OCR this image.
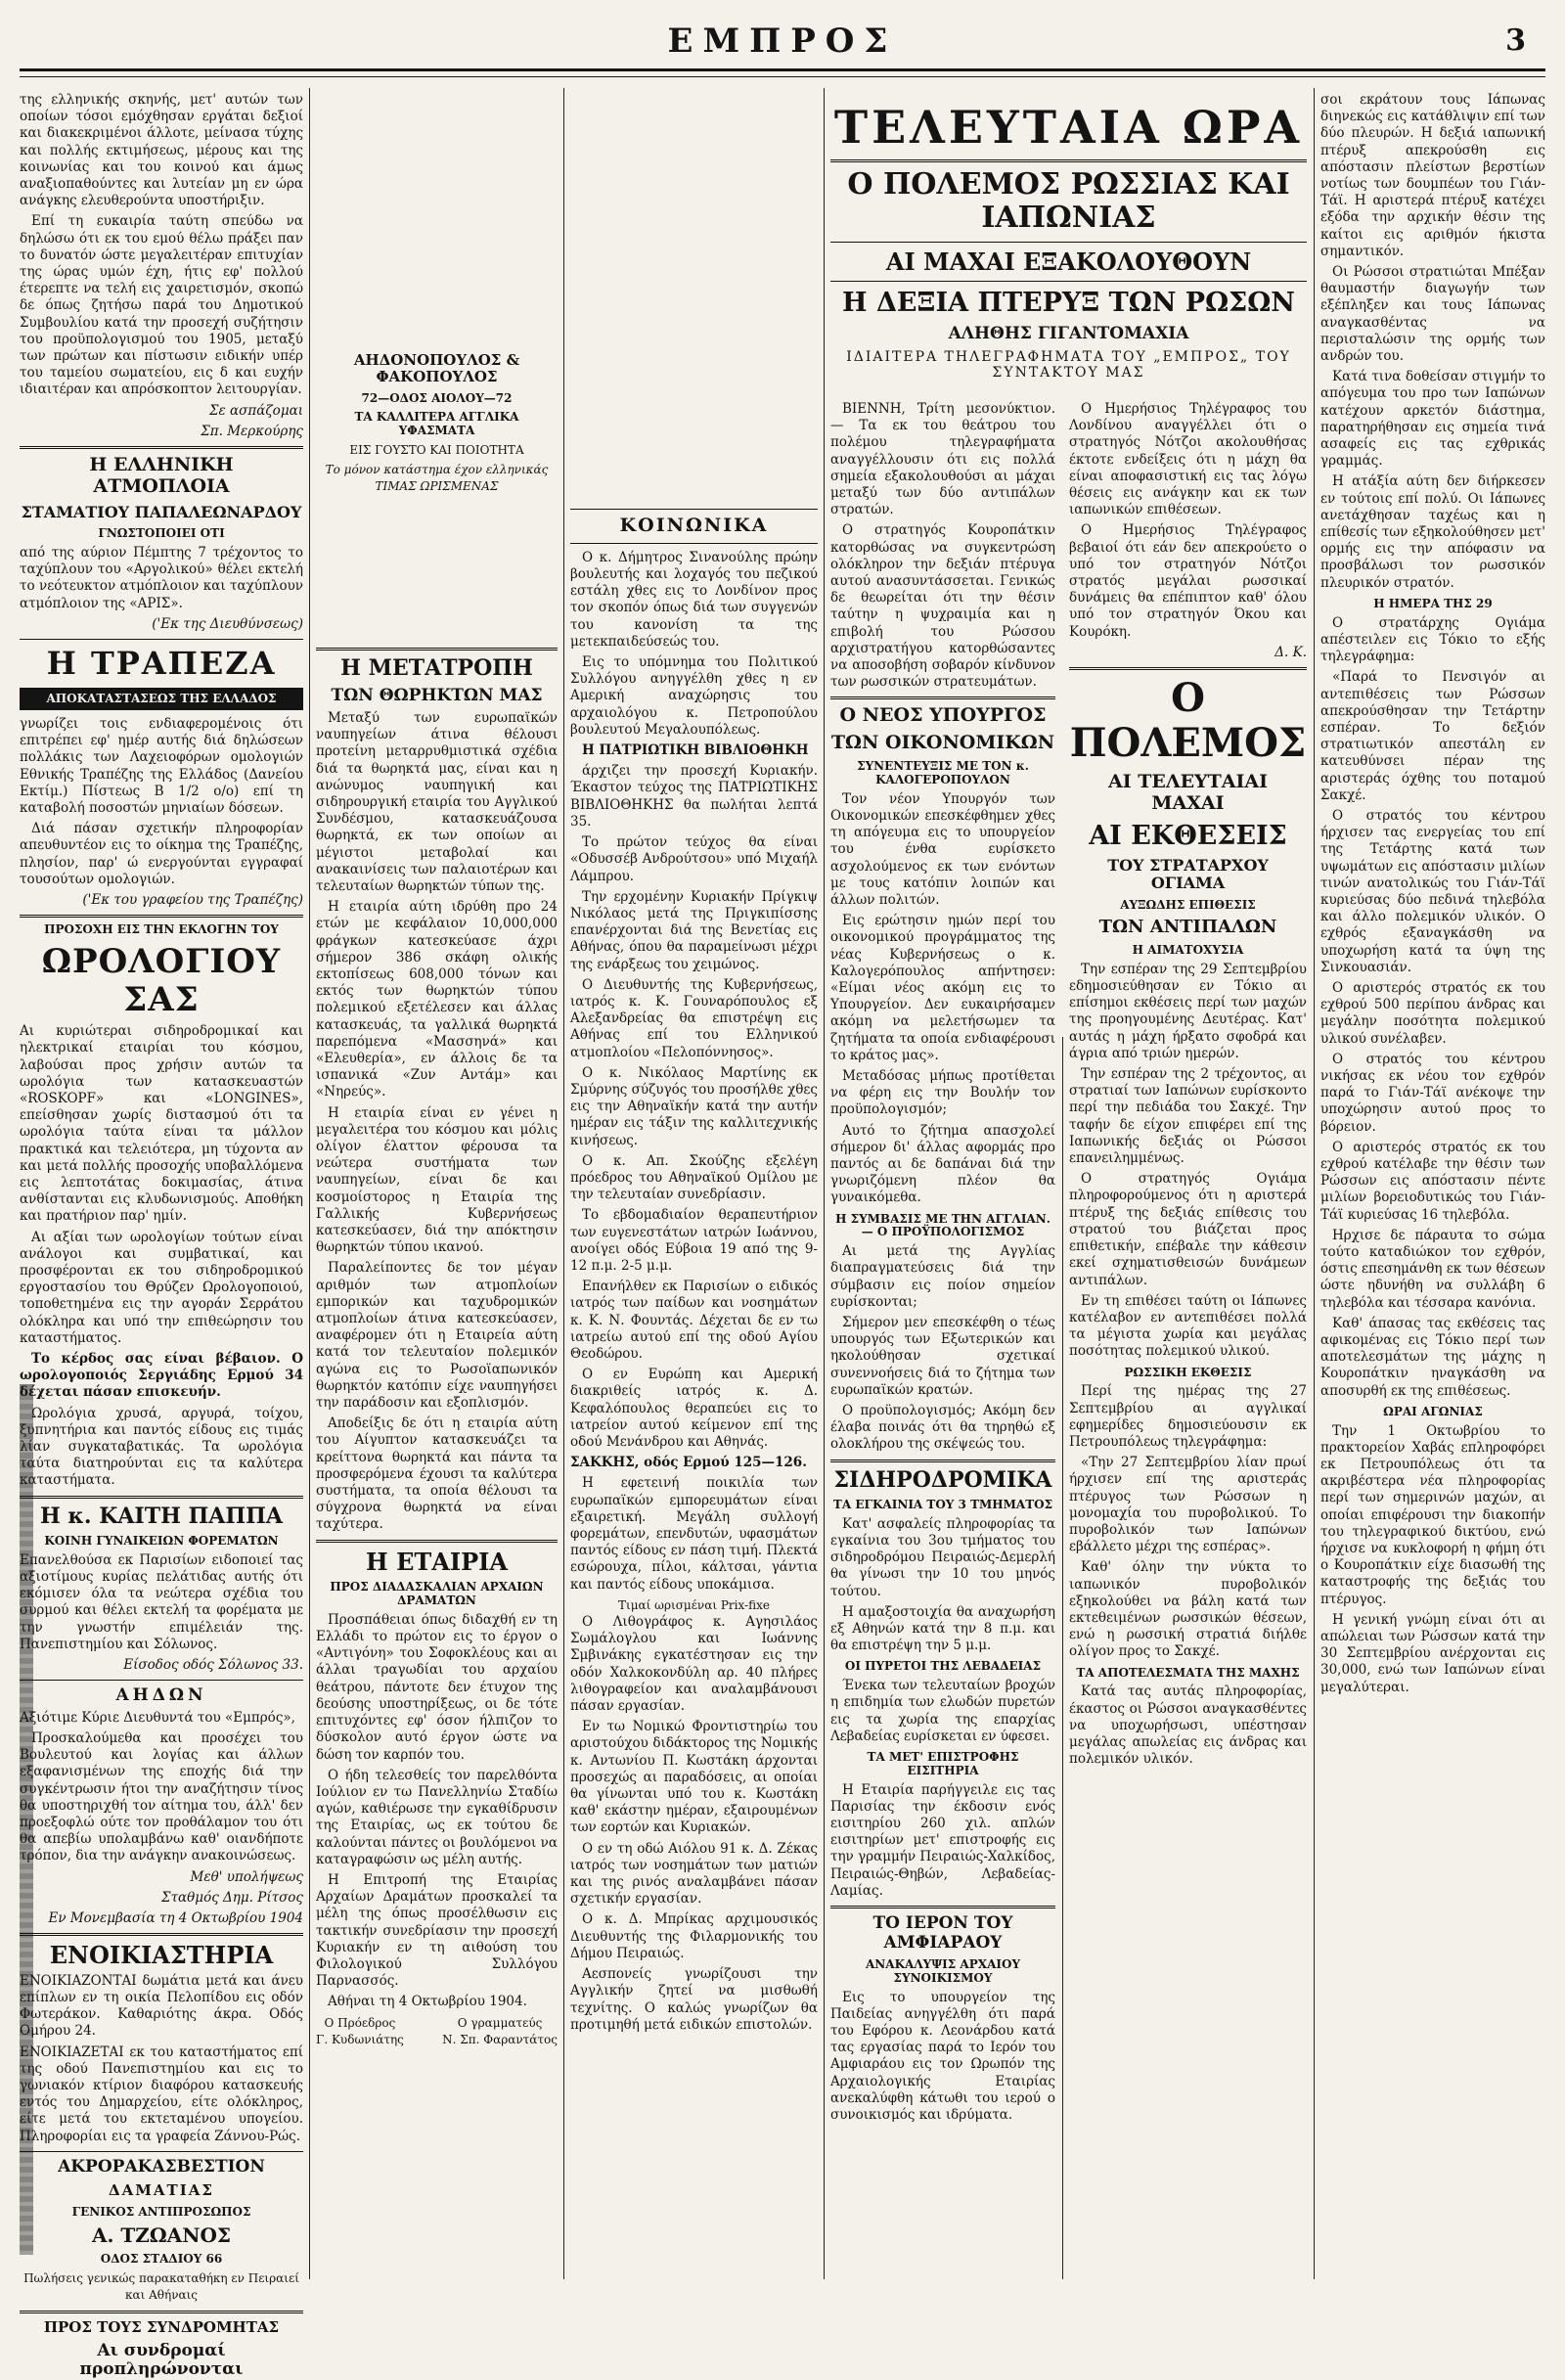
ΕΜΠΡΟΣ	3

της ελληνικής σκηνής, μετ' αυτών των οποίων τόσοι εμόχθησαν εργάται δεξιοί και διακεκριμένοι άλλοτε, μείνασα τύχης και πολλής εκτιμήσεως, μέρους και της κοινωνίας και του κοινού και άμως αναξιοπαθούντες και λυτείαν μη εν ώρα ανάγκης ελευθερούντα υποστήριξιν.

Επί τη ευκαιρία ταύτη σπεύδω να δηλώσω ότι εκ του εμού θέλω πράξει παν το δυνατόν ώστε μεγαλειτέραν επιτυχίαν της ώρας υμών έχη, ήτις εφ' πολλού έτερεπτε να τελή εις χαιρετισμόν, σκοπώ δε όπως ζητήσω παρά του Δημοτικού Συμβουλίου κατά την προσεχή συζήτησιν του προϋπολογισμού του 1905, μεταξύ των πρώτων και πίστωσιν ειδικήν υπέρ του ταμείου σωματείου, εις δ και ευχήν ιδιαιτέραν και απρόσκοπτον λειτουργίαν.

Σε ασπάζομαι
Σπ. Μερκούρης
Η ΕΛΛΗΝΙΚΗ ΑΤΜΟΠΛΟΙΑ
ΣΤΑΜΑΤΙΟΥ ΠΑΠΑΛΕΩΝΑΡΔΟΥ
ΓΝΩΣΤΟΠΟΙΕΙ ΟΤΙ

από της αύριον Πέμπτης 7 τρέχοντος το ταχύπλουν του «Αργολικού» θέλει εκτελή το νεότευκτον ατμόπλοιον και ταχύπλουν ατμόπλοιον της «ΑΡΙΣ».

('Εκ της Διευθύνσεως)
Η ΤΡΑΠΕΖΑ
ΑΠΟΚΑΤΑΣΤΑΣΕΩΣ ΤΗΣ ΕΛΛΑΔΟΣ

γνωρίζει τοις ενδιαφερομένοις ότι επιτρέπει εφ' ημέρ αυτής διά δηλώσεων πολλάκις των Λαχειοφόρων ομολογιών Εθνικής Τραπέζης της Ελλάδος (Δανείου Εκτίμ.) Πίστεως Β 1/2 ο/ο) επί τη καταβολή ποσοστών μηνιαίων δόσεων.

Διά πάσαν σχετικήν πληροφορίαν απευθυντέον εις το οίκημα της Τραπέζης, πλησίον, παρ' ώ ενεργούνται εγγραφαί τουσούτων ομολογιών.

('Εκ του γραφείου της Τραπέζης)
ΠΡΟΣΟΧΗ ΕΙΣ ΤΗΝ ΕΚΛΟΓΗΝ ΤΟΥ
ΩΡΟΛΟΓΙΟΥ ΣΑΣ

Αι κυριώτεραι σιδηροδρομικαί και ηλεκτρικαί εταιρίαι του κόσμου, λαβούσαι προς χρήσιν αυτών τα ωρολόγια των κατασκευαστών «ROSKOPF» και «LONGINES», επείσθησαν χωρίς διστασμού ότι τα ωρολόγια ταύτα είναι τα μάλλον πρακτικά και τελειότερα, μη τύχοντα αν και μετά πολλής προσοχής υποβαλλόμενα εις λεπτοτάτας δοκιμασίας, άτινα ανθίστανται εις κλυδωνισμούς. Αποθήκη και πρατήριον παρ' ημίν.

Αι αξίαι των ωρολογίων τούτων είναι ανάλογοι και συμβατικαί, και προσφέρονται εκ του σιδηροδρομικού εργοστασίου του Θρύζεν Ωρολογοποιού, τοποθετημένα εις την αγοράν Σερράτου ολόκληρα και υπό την επιθεώρησιν του καταστήματος.

Το κέρδος σας είναι βέβαιον. Ο ωρολογοποιός Σεργιάδης Ερμού 34 δέχεται πάσαν επισκευήν.

Ωρολόγια χρυσά, αργυρά, τοίχου, ξυπνητήρια και παντός είδους εις τιμάς λίαν συγκαταβατικάς. Τα ωρολόγια ταύτα διατηρούνται εις τα καλύτερα καταστήματα.

Η κ. ΚΑΙΤΗ ΠΑΠΠΑ
ΚΟΙΝΗ ΓΥΝΑΙΚΕΙΩΝ ΦΟΡΕΜΑΤΩΝ

Επανελθούσα εκ Παρισίων ειδοποιεί τας αξιοτίμους κυρίας πελάτιδας αυτής ότι εκόμισεν όλα τα νεώτερα σχέδια του συρμού και θέλει εκτελή τα φορέματα με την γνωστήν επιμέλειάν της. Πανεπιστημίου και Σόλωνος.

Είσοδος οδός Σόλωνος 33.
ΑΗΔΩΝ

Αξιότιμε Κύριε Διευθυντά του «Εμπρός»,

Προσκαλούμεθα και προσέχει του Βουλευτού και λογίας και άλλων εξαφανισμένων της εποχής διά την συγκέντρωσιν ήτοι την αναζήτησιν τίνος θα υποστηριχθή τον αίτημα του, άλλ' δεν προεξοφλώ ούτε τον προθάλαμον του ότι θα απεβίω υπολαμβάνω καθ' οιανδήποτε τρόπον, δια την ανάγκην ανακοινώσεως.

Μεθ' υπολήψεως
Σταθμός Δημ. Ρίτσος
Εν Μονεμβασία τη 4 Οκτωβρίου 1904
ΕΝΟΙΚΙΑΣΤΗΡΙΑ

ΕΝΟΙΚΙΑΖΟΝΤΑΙ δωμάτια μετά και άνευ επίπλων εν τη οικία Πελοπίδου εις οδόν Φωτεράκον. Καθαριότης άκρα. Οδός Ομήρου 24.

ΕΝΟΙΚΙΑΖΕΤΑΙ εκ του καταστήματος επί της οδού Πανεπιστημίου και εις το γωνιακόν κτίριον διαφόρου κατασκευής εντός του Δημαρχείου, είτε ολόκληρος, είτε μετά του εκτεταμένου υπογείου. Πληροφορίαι εις τα γραφεία Ζάννου-Ρώς.

ΑΚΡΟΡΑΚΑΣΒΕΣΤΙΟΝ
ΔΑΜΑΤΙΑΣ
ΓΕΝΙΚΟΣ ΑΝΤΙΠΡΟΣΩΠΟΣ
Α. ΤΖΩΑΝΟΣ
ΟΔΟΣ ΣΤΑΔΙΟΥ 66
Πωλήσεις γενικώς παρακαταθήκη εν Πειραιεί και Αθήναις
ΠΡΟΣ ΤΟΥΣ ΣΥΝΔΡΟΜΗΤΑΣ
Αι συνδρομαί προπληρώνονται
ΑΗΔΟΝΟΠΟΥΛΟΣ & ΦΑΚΟΠΟΥΛΟΣ
72—ΟΔΟΣ ΑΙΟΛΟΥ—72
ΤΑ ΚΑΛΛΙΤΕΡΑ ΑΓΓΛΙΚΑ ΥΦΑΣΜΑΤΑ
ΕΙΣ ΓΟΥΣΤΟ ΚΑΙ ΠΟΙΟΤΗΤΑ
Το μόνον κατάστημα έχον ελληνικάς ΤΙΜΑΣ ΩΡΙΣΜΕΝΑΣ
Η ΜΕΤΑΤΡΟΠΗ
ΤΩΝ ΘΩΡΗΚΤΩΝ ΜΑΣ

Μεταξύ των ευρωπαϊκών ναυπηγείων άτινα θέλουσι προτείνη μεταρρυθμιστικά σχέδια διά τα θωρηκτά μας, είναι και η ανώνυμος ναυπηγική και σιδηρουργική εταιρία του Αγγλικού Συνδέσμου, κατασκευάζουσα θωρηκτά, εκ των οποίων αι μέγιστοι μεταβολαί και ανακαινίσεις των παλαιοτέρων και τελευταίων θωρηκτών τύπων της.

Η εταιρία αύτη ιδρύθη προ 24 ετών με κεφάλαιον 10,000,000 φράγκων κατεσκεύασε άχρι σήμερον 386 σκάφη ολικής εκτοπίσεως 608,000 τόνων και εκτός των θωρηκτών τύπου πολεμικού εξετέλεσεν και άλλας κατασκευάς, τα γαλλικά θωρηκτά παρεπόμενα «Μασσηνά» και «Ελευθερία», εν άλλοις δε τα ισπανικά «Ζυν Αντάμ» και «Νηρεύς».

Η εταιρία είναι εν γένει η μεγαλειτέρα του κόσμου και μόλις ολίγον έλαττον φέρουσα τα νεώτερα συστήματα των ναυπηγείων, είναι δε και κοσμοίστορος η Εταιρία της Γαλλικής Κυβερνήσεως κατεσκεύασεν, διά την απόκτησιν θωρηκτών τύπου ικανού.

Παραλείποντες δε τον μέγαν αριθμόν των ατμοπλοίων εμπορικών και ταχυδρομικών ατμοπλοίων άτινα κατεσκεύασεν, αναφέρομεν ότι η Εταιρεία αύτη κατά τον τελευταίον πολεμικόν αγώνα εις το Ρωσοϊαπωνικόν θωρηκτόν κατόπιν είχε ναυπηγήσει την παράδοσιν και εξοπλισμόν.

Αποδείξις δε ότι η εταιρία αύτη του Αίγυπτον κατασκευάζει τα κρείττονα θωρηκτά και πάντα τα προσφερόμενα έχουσι τα καλύτερα συστήματα, τα οποία θέλουσι τα σύγχρονα θωρηκτά να είναι ταχύτερα.

Η ΕΤΑΙΡΙΑ
ΠΡΟΣ ΔΙΑΔΑΣΚΑΛΙΑΝ ΑΡΧΑΙΩΝ ΔΡΑΜΑΤΩΝ

Προσπάθειαι όπως διδαχθή εν τη Ελλάδι το πρώτον εις το έργον ο «Αντιγόνη» του Σοφοκλέους και αι άλλαι τραγωδίαι του αρχαίου θεάτρου, πάντοτε δεν έτυχον της δεούσης υποστηρίξεως, οι δε τότε επιτυχόντες εφ' όσον ήλπιζον το δύσκολον αυτό έργον ώστε να δώση τον καρπόν του.

Ο ήδη τελεσθείς τον παρελθόντα Ιούλιον εν τω Πανελληνίω Σταδίω αγών, καθιέρωσε την εγκαθίδρυσιν της Εταιρίας, ως εκ τούτου δε καλούνται πάντες οι βουλόμενοι να καταγραφώσιν ως μέλη αυτής.

Η Επιτροπή της Εταιρίας Αρχαίων Δραμάτων προσκαλεί τα μέλη της όπως προσέλθωσιν εις τακτικήν συνεδρίασιν την προσεχή Κυριακήν εν τη αιθούση του Φιλολογικού Συλλόγου Παρνασσός.

Αθήναι τη 4 Οκτωβρίου 1904.

Ο Πρόεδρος
Γ. Κυδωνιάτης
Ο γραμματεύς
Ν. Σπ. Φαραντάτος
ΚΟΙΝΩΝΙΚΑ

Ο κ. Δήμητρος Σινανούλης πρώην βουλευτής και λοχαγός του πεζικού εστάλη χθες εις το Λονδίνον προς τον σκοπόν όπως διά των συγγενών του κανονίση τα της μετεκπαιδεύσεώς του.

Εις το υπόμνημα του Πολιτικού Συλλόγου ανηγγέλθη χθες η εν Αμερική αναχώρησις του αρχαιολόγου κ. Πετροπούλου βουλευτού Μεγαλουπόλεως.

Η ΠΑΤΡΙΩΤΙΚΗ ΒΙΒΛΙΟΘΗΚΗ

άρχιζει την προσεχή Κυριακήν. Έκαστον τεύχος της ΠΑΤΡΙΩΤΙΚΗΣ ΒΙΒΛΙΟΘΗΚΗΣ θα πωλήται λεπτά 35.

Το πρώτον τεύχος θα είναι «Οδυσσέβ Ανδρούτσου» υπό Μιχαήλ Λάμπρου.

Την ερχομένην Κυριακήν Πρίγκιψ Νικόλαος μετά της Πριγκιπίσσης επανέρχονται διά της Βενετίας εις Αθήνας, όπου θα παραμείνωσι μέχρι της ενάρξεως του χειμώνος.

Ο Διευθυντής της Κυβερνήσεως, ιατρός κ. Κ. Γουναρόπουλος εξ Αλεξανδρείας θα επιστρέψη εις Αθήνας επί του Ελληνικού ατμοπλοίου «Πελοπόννησος».

Ο κ. Νικόλαος Μαρτίνης εκ Σμύρνης σύζυγός του προσήλθε χθες εις την Αθηναϊκήν κατά την αυτήν ημέραν εις τάξιν της καλλιτεχνικής κινήσεως.

Ο κ. Απ. Σκούζης εξελέγη πρόεδρος του Αθηναϊκού Ομίλου με την τελευταίαν συνεδρίασιν.

Το εβδομαδιαίον θεραπευτήριον των ευγενεστάτων ιατρών Ιωάννου, ανοίγει οδός Εύβοια 19 από της 9-12 π.μ. 2-5 μ.μ.

Επανήλθεν εκ Παρισίων ο ειδικός ιατρός των παίδων και νοσημάτων κ. Κ. Ν. Φουντάς. Δέχεται δε εν τω ιατρείω αυτού επί της οδού Αγίου Θεοδώρου.

Ο εν Ευρώπη και Αμερική διακριθείς ιατρός κ. Δ. Κεφαλόπουλος θεραπεύει εις το ιατρείον αυτού κείμενον επί της οδού Μενάνδρου και Αθηνάς.

ΣΑΚΚΗΣ, οδός Ερμού 125—126.

Η εφετεινή ποικιλία των ευρωπαϊκών εμπορευμάτων είναι εξαιρετική. Μεγάλη συλλογή φορεμάτων, επενδυτών, υφασμάτων παντός είδους εν πάση τιμή. Πλεκτά εσώρουχα, πίλοι, κάλτσαι, γάντια και παντός είδους υποκάμισα.

Τιμαί ωρισμέναι Prix-fixe

Ο Λιθογράφος κ. Αγησιλάος Σωμάλογλου και Ιωάννης Σμβινάκης εγκατέστησαν εις την οδόν Χαλκοκονδύλη αρ. 40 πλήρες λιθογραφείον και αναλαμβάνουσι πάσαν εργασίαν.

Εν τω Νομικώ Φροντιστηρίω του αριστούχου διδάκτορος της Νομικής κ. Αντωνίου Π. Κωστάκη άρχονται προσεχώς αι παραδόσεις, αι οποίαι θα γίνωνται υπό του κ. Κωστάκη καθ' εκάστην ημέραν, εξαιρουμένων των εορτών και Κυριακών.

Ο εν τη οδώ Αιόλου 91 κ. Δ. Ζέκας ιατρός των νοσημάτων των ματιών και της ρινός αναλαμβάνει πάσαν σχετικήν εργασίαν.

Ο κ. Δ. Μπρίκας αρχιμουσικός Διευθυντής της Φιλαρμονικής του Δήμου Πειραιώς.

Αεσπονείς γνωρίζουσι την Αγγλικήν ζητεί να μισθωθή τεχνίτης. Ο καλώς γνωρίζων θα προτιμηθή μετά ειδικών επιστολών.

ΤΕΛΕΥΤΑΙΑ ΩΡΑ
Ο ΠΟΛΕΜΟΣ ΡΩΣΣΙΑΣ ΚΑΙ ΙΑΠΩΝΙΑΣ
ΑΙ ΜΑΧΑΙ ΕΞΑΚΟΛΟΥΘΟΥΝ
Η ΔΕΞΙΑ ΠΤΕΡΥΞ ΤΩΝ ΡΩΣΩΝ
ΑΛΗΘΗΣ ΓΙΓΑΝΤΟΜΑΧΙΑ
ΙΔΙΑΙΤΕΡΑ ΤΗΛΕΓΡΑΦΗΜΑΤΑ ΤΟΥ „ΕΜΠΡΟΣ„ ΤΟΥ ΣΥΝΤΑΚΤΟΥ ΜΑΣ

ΒΙΕΝΝΗ, Τρίτη μεσονύκτιον. — Τα εκ του θεάτρου του πολέμου τηλεγραφήματα αναγγέλλουσιν ότι εις πολλά σημεία εξακολουθούσι αι μάχαι μεταξύ των δύο αντιπάλων στρατών.

Ο στρατηγός Κουροπάτκιν κατορθώσας να συγκεντρώση ολόκληρον την δεξιάν πτέρυγα αυτού ανασυντάσσεται. Γενικώς δε θεωρείται ότι την θέσιν ταύτην η ψυχραιμία και η επιβολή του Ρώσσου αρχιστρατήγου κατορθώσαντες να αποσοβήση σοβαρόν κίνδυνον των ρωσσικών στρατευμάτων.

Ο ΝΕΟΣ ΥΠΟΥΡΓΟΣ
ΤΩΝ ΟΙΚΟΝΟΜΙΚΩΝ
ΣΥΝΕΝΤΕΥΞΙΣ ΜΕ ΤΟΝ κ. ΚΑΛΟΓΕΡΟΠΟΥΛΟΝ

Τον νέον Υπουργόν των Οικονομικών επεσκέφθημεν χθες τη απόγευμα εις το υπουργείον του ένθα ευρίσκετο ασχολούμενος εκ των ενόντων με τους κατόπιν λοιπών και άλλων πολιτών.

Εις ερώτησιν ημών περί του οικονομικού προγράμματος της νέας Κυβερνήσεως ο κ. Καλογερόπουλος απήντησεν: «Είμαι νέος ακόμη εις το Υπουργείον. Δεν ευκαιρήσαμεν ακόμη να μελετήσωμεν τα ζητήματα τα οποία ενδιαφέρουσι το κράτος μας».

Μεταδόσας μήπως προτίθεται να φέρη εις την Βουλήν τον προϋπολογισμόν;

Αυτό το ζήτημα απασχολεί σήμερον δι' άλλας αφορμάς προ παντός αι δε δαπάναι διά την γνωριζόμενη πλέον θα γυναικόμεθα.

Η ΣΥΜΒΑΣΙΣ ΜΕ ΤΗΝ ΑΓΓΛΙΑΝ.— Ο ΠΡΟΫΠΟΛΟΓΙΣΜΟΣ

Αι μετά της Αγγλίας διαπραγματεύσεις διά την σύμβασιν εις ποίον σημείον ευρίσκονται;

Σήμερον μεν επεσκέφθη ο τέως υπουργός των Εξωτερικών και ηκολούθησαν σχετικαί συνεννοήσεις διά το ζήτημα των ευρωπαϊκών κρατών.

Ο προϋπολογισμός; Ακόμη δεν έλαβα ποινάς ότι θα τηρηθώ εξ ολοκλήρου της σκέψεώς του.

ΣΙΔΗΡΟΔΡΟΜΙΚΑ
ΤΑ ΕΓΚΑΙΝΙΑ ΤΟΥ 3 ΤΜΗΜΑΤΟΣ

Κατ' ασφαλείς πληροφορίας τα εγκαίνια του 3ου τμήματος του σιδηροδρόμου Πειραιώς-Δεμερλή θα γίνωσι την 10 του μηνός τούτου.

Η αμαξοστοιχία θα αναχωρήση εξ Αθηνών κατά την 8 π.μ. και θα επιστρέψη την 5 μ.μ.

ΟΙ ΠΥΡΕΤΟΙ ΤΗΣ ΛΕΒΑΔΕΙΑΣ

Ένεκα των τελευταίων βροχών η επιδημία των ελωδών πυρετών εις τα χωρία της επαρχίας Λεβαδείας ευρίσκεται εν ύφεσει.

ΤΑ ΜΕΤ' ΕΠΙΣΤΡΟΦΗΣ ΕΙΣΙΤΗΡΙΑ

Η Εταιρία παρήγγειλε εις τας Παρισίας την έκδοσιν ενός εισιτηρίου 260 χιλ. απλών εισιτηρίων μετ' επιστροφής εις την γραμμήν Πειραιώς-Χαλκίδος, Πειραιώς-Θηβών, Λεβαδείας-Λαμίας.

ΤΟ ΙΕΡΟΝ ΤΟΥ ΑΜΦΙΑΡΑΟΥ
ΑΝΑΚΑΛΥΨΙΣ ΑΡΧΑΙΟΥ ΣΥΝΟΙΚΙΣΜΟΥ

Εις το υπουργείον της Παιδείας ανηγγέλθη ότι παρά του Εφόρου κ. Λεονάρδου κατά τας εργασίας παρά το Ιερόν του Αμφιαράου εις τον Ωρωπόν της Αρχαιολογικής Εταιρίας ανεκαλύφθη κάτωθι του ιερού ο συνοικισμός και ιδρύματα.

Ο Ημερήσιος Τηλέγραφος του Λονδίνου αναγγέλλει ότι ο στρατηγός Νότζοι ακολουθήσας έκτοτε ενδείξεις ότι η μάχη θα είναι αποφασιστική εις τας λόγω θέσεις εις ανάγκην και εκ των ιαπωνικών επιθέσεων.

Ο Ημερήσιος Τηλέγραφος βεβαιοί ότι εάν δεν απεκρούετο ο υπό τον στρατηγόν Νότζοι στρατός μεγάλαι ρωσσικαί δυνάμεις θα επέπιπτον καθ' όλου υπό τον στρατηγόν Όκου και Κουρόκη.

Δ. Κ.
Ο ΠΟΛΕΜΟΣ
ΑΙ ΤΕΛΕΥΤΑΙΑΙ ΜΑΧΑΙ
ΑΙ ΕΚΘΕΣΕΙΣ
ΤΟΥ ΣΤΡΑΤΑΡΧΟΥ ΟΓΙΑΜΑ
ΑΥΞΩΔΗΣ ΕΠΙΘΕΣΙΣ
ΤΩΝ ΑΝΤΙΠΑΛΩΝ
Η ΑΙΜΑΤΟΧΥΣΙΑ

Την εσπέραν της 29 Σεπτεμβρίου εδημοσιεύθησαν εν Τόκιο αι επίσημοι εκθέσεις περί των μαχών της προηγουμένης Δευτέρας. Κατ' αυτάς η μάχη ήρξατο σφοδρά και άγρια από τριών ημερών.

Την εσπέραν της 2 τρέχοντος, αι στρατιαί των Ιαπώνων ευρίσκοντο περί την πεδιάδα του Σακχέ. Την ταφήν δε είχον επιφέρει επί της Ιαπωνικής δεξιάς οι Ρώσσοι επανειλημμένως.

Ο στρατηγός Ογιάμα πληροφορούμενος ότι η αριστερά πτέρυξ της δεξιάς επίθεσις του στρατού του βιάζεται προς επιθετικήν, επέβαλε την κάθεσιν εκεί σχηματισθεισών δυνάμεων αντιπάλων.

Εν τη επιθέσει ταύτη οι Ιάπωνες κατέλαβον εν αντεπιθέσει πολλά τα μέγιστα χωρία και μεγάλας ποσότητας πολεμικού υλικού.

ΡΩΣΣΙΚΗ ΕΚΘΕΣΙΣ

Περί της ημέρας της 27 Σεπτεμβρίου αι αγγλικαί εφημερίδες δημοσιεύουσιν εκ Πετρουπόλεως τηλεγράφημα:

«Την 27 Σεπτεμβρίου λίαν πρωί ήρχισεν επί της αριστεράς πτέρυγος των Ρώσσων η μονομαχία του πυροβολικού. Το πυροβολικόν των Ιαπώνων εβάλλετο μέχρι της εσπέρας».

Καθ' όλην την νύκτα το ιαπωνικόν πυροβολικόν εξηκολούθει να βάλη κατά των εκτεθειμένων ρωσσικών θέσεων, ενώ η ρωσσική στρατιά διήλθε ολίγον προς το Σακχέ.

ΤΑ ΑΠΟΤΕΛΕΣΜΑΤΑ ΤΗΣ ΜΑΧΗΣ

Κατά τας αυτάς πληροφορίας, έκαστος οι Ρώσσοι αναγκασθέντες να υποχωρήσωσι, υπέστησαν μεγάλας απωλείας εις άνδρας και πολεμικόν υλικόν.

σοι εκράτουν τους Ιάπωνας διηνεκώς εις κατάθλιψιν επί των δύο πλευρών. Η δεξιά ιαπωνική πτέρυξ απεκρούσθη εις απόστασιν πλείστων βερστίων νοτίως των δουμπέων του Γιάν-Τάϊ. Η αριστερά πτέρυξ κατέχει εξόδα την αρχικήν θέσιν της καίτοι εις αριθμόν ήκιστα σημαντικόν.

Οι Ρώσσοι στρατιώται Μπέξαν θαυμαστήν διαγωγήν των εξέπληξεν και τους Ιάπωνας αναγκασθέντας να περισταλώσιν της ορμής των ανδρών του.

Κατά τινα δοθείσαν στιγμήν το απόγευμα του προ των Ιαπώνων κατέχουν αρκετόν διάστημα, παρατηρήθησαν εις σημεία τινά ασαφείς εις τας εχθρικάς γραμμάς.

Η ατάξία αύτη δεν διήρκεσεν εν τούτοις επί πολύ. Οι Ιάπωνες ανετάχθησαν ταχέως και η επίθεσίς των εξηκολούθησεν μετ' ορμής εις την απόφασιν να προσβάλωσι τον ρωσσικόν πλευρικόν στρατόν.

Η ΗΜΕΡΑ ΤΗΣ 29

Ο στρατάρχης Ογιάμα απέστειλεν εις Τόκιο το εξής τηλεγράφημα:

«Παρά το Πενσιγόν αι αντεπιθέσεις των Ρώσσων απεκρούσθησαν την Τετάρτην εσπέραν. Το δεξιόν στρατιωτικόν απεστάλη εν κατευθύνσει πέραν της αριστεράς όχθης του ποταμού Σακχέ.

Ο στρατός του κέντρου ήρχισεν τας ενεργείας του επί της Τετάρτης κατά των υψωμάτων εις απόστασιν μιλίων τινών ανατολικώς του Γιάν-Τάϊ κυριεύσας δύο πεδινά τηλεβόλα και άλλο πολεμικόν υλικόν. Ο εχθρός εξαναγκάσθη να υποχωρήση κατά τα ύψη της Σινκουασιάν.

Ο αριστερός στρατός εκ του εχθρού 500 περίπου άνδρας και μεγάλην ποσότητα πολεμικού υλικού συνέλαβεν.

Ο στρατός του κέντρου νικήσας εκ νέου τον εχθρόν παρά το Γιάν-Τάϊ ανέκοψε την υποχώρησιν αυτού προς το βόρειον.

Ο αριστερός στρατός εκ του εχθρού κατέλαβε την θέσιν των Ρώσσων εις απόστασιν πέντε μιλίων βορειοδυτικώς του Γιάν-Τάϊ κυριεύσας 16 τηλεβόλα.

Ηρχισε δε πάραυτα το σώμα τούτο καταδιώκον τον εχθρόν, όστις επεσημάνθη εκ των θέσεων ώστε ηδυνήθη να συλλάβη 6 τηλεβόλα και τέσσαρα κανόνια.

Καθ' άπασας τας εκθέσεις τας αφικομένας εις Τόκιο περί των αποτελεσμάτων της μάχης η Κουροπάτκιν ηναγκάσθη να αποσυρθή εκ της επιθέσεως.

ΩΡΑΙ ΑΓΩΝΙΑΣ

Την 1 Οκτωβρίου το πρακτορείον Χαβάς επληροφόρει εκ Πετρουπόλεως ότι τα ακριβέστερα νέα πληροφορίας περί των σημερινών μαχών, αι οποίαι επιφέρουσι την διακοπήν του τηλεγραφικού δικτύου, ενώ ήρχισε να κυκλοφορή η φήμη ότι ο Κουροπάτκιν είχε διασωθή της καταστροφής της δεξιάς του πτέρυγος.

Η γενική γνώμη είναι ότι αι απώλειαι των Ρώσσων κατά την 30 Σεπτεμβρίου ανέρχονται εις 30,000, ενώ των Ιαπώνων είναι μεγαλύτεραι.
